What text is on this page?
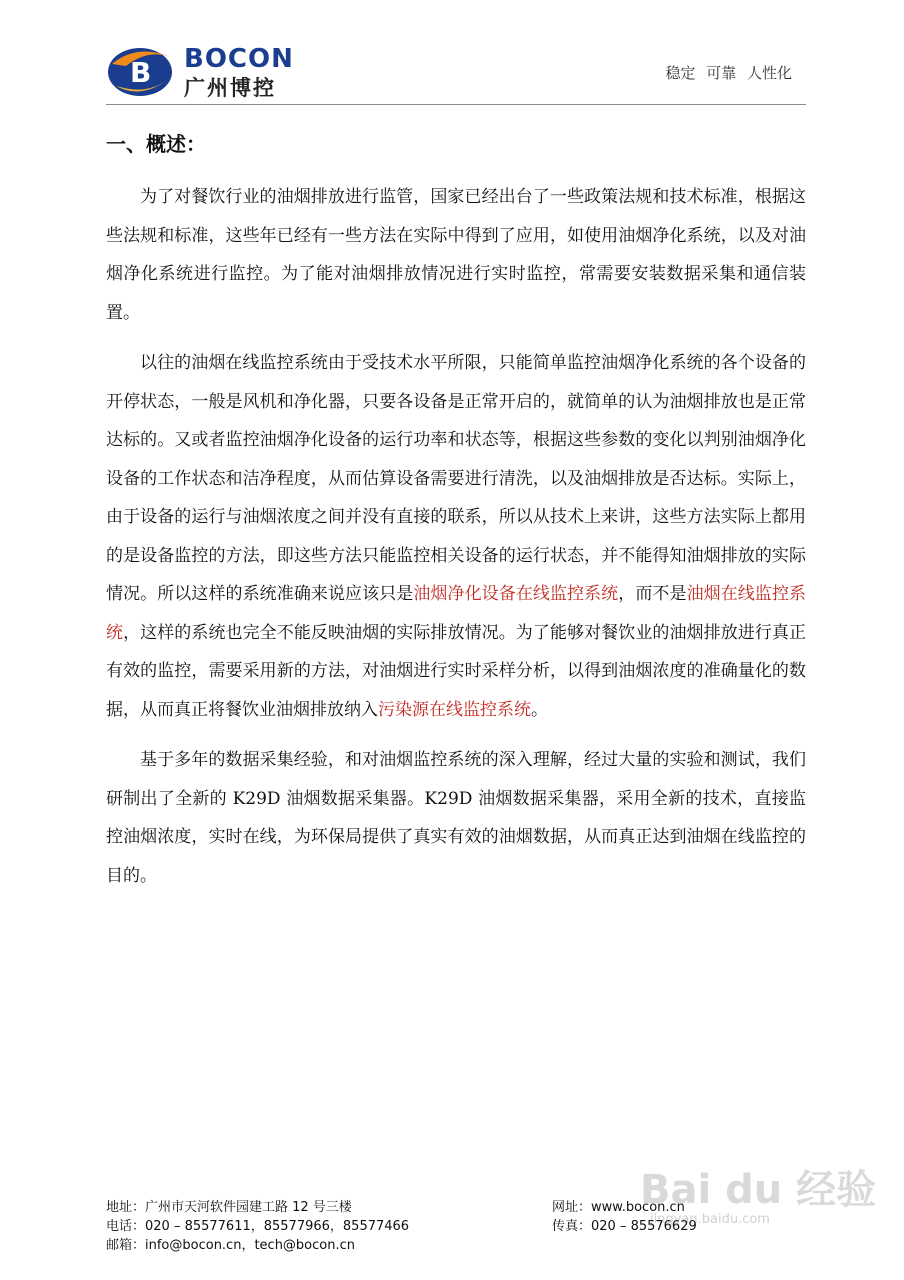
B BOCON
广州博控
稳定 可靠 人性化
一、概述：

为了对餐饮行业的油烟排放进行监管，国家已经出台了一些政策法规和技术标准，根据这些法规和标准，这些年已经有一些方法在实际中得到了应用，如使用油烟净化系统，以及对油烟净化系统进行监控。为了能对油烟排放情况进行实时监控，常需要安装数据采集和通信装置。

以往的油烟在线监控系统由于受技术水平所限，只能简单监控油烟净化系统的各个设备的开停状态，一般是风机和净化器，只要各设备是正常开启的，就简单的认为油烟排放也是正常达标的。又或者监控油烟净化设备的运行功率和状态等，根据这些参数的变化以判别油烟净化设备的工作状态和洁净程度，从而估算设备需要进行清洗，以及油烟排放是否达标。实际上，由于设备的运行与油烟浓度之间并没有直接的联系，所以从技术上来讲，这些方法实际上都用的是设备监控的方法，即这些方法只能监控相关设备的运行状态，并不能得知油烟排放的实际情况。所以这样的系统准确来说应该只是油烟净化设备在线监控系统，而不是油烟在线监控系统，这样的系统也完全不能反映油烟的实际排放情况。为了能够对餐饮业的油烟排放进行真正有效的监控，需要采用新的方法，对油烟进行实时采样分析，以得到油烟浓度的准确量化的数据，从而真正将餐饮业油烟排放纳入污染源在线监控系统。

基于多年的数据采集经验，和对油烟监控系统的深入理解，经过大量的实验和测试，我们研制出了全新的 K29D 油烟数据采集器。K29D 油烟数据采集器，采用全新的技术，直接监控油烟浓度，实时在线，为环保局提供了真实有效的油烟数据，从而真正达到油烟在线监控的目的。

地址：广州市天河软件园建工路 12 号三楼
电话：020 – 85577611，85577966，85577466
邮箱：info@bocon.cn，tech@bocon.cn
网址：www.bocon.cn
传真：020 – 85576629
Bai du 经验
jingyan.baidu.com
